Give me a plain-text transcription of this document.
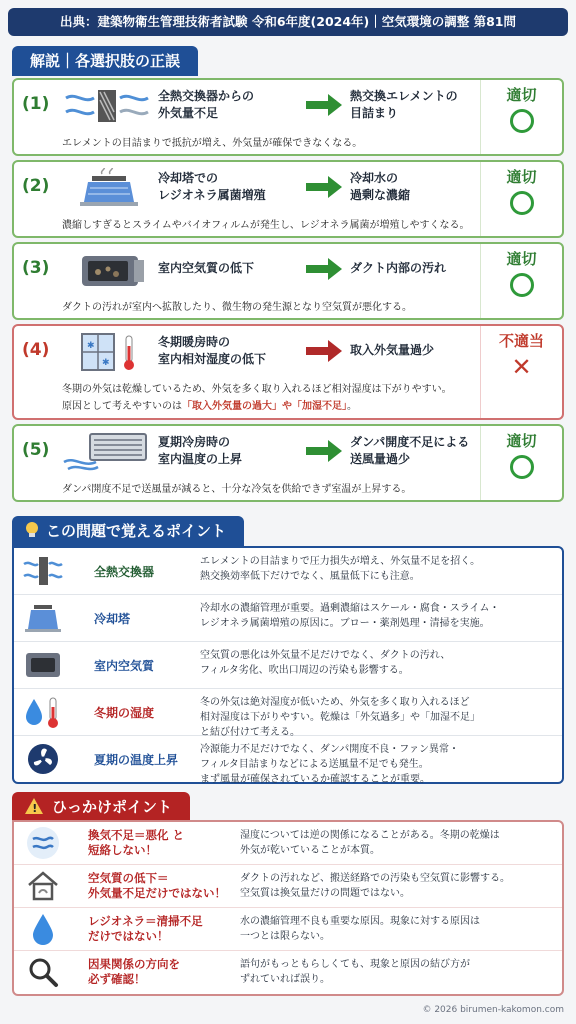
出典：建築物衛生管理技術者試験 令和6年度(2024年)｜空気環境の調整 第81問
解説｜各選択肢の正誤
(1)	全熱交換器からの
外気量不足
熱交換エレメントの
目詰まり
適切
エレメントの目詰まりで抵抗が増え、外気量が確保できなくなる。
(2)	冷却塔での
レジオネラ属菌増殖
冷却水の
過剰な濃縮
適切
濃縮しすぎるとスライムやバイオフィルムが発生し、レジオネラ属菌が増殖しやすくなる。
(3)	室内空気質の低下	ダクト内部の汚れ	適切
ダクトの汚れが室内へ拡散したり、微生物の発生源となり空気質が悪化する。
(4)	✱
✱
冬期暖房時の
室内相対湿度の低下
取入外気量過少	不適当
✕
冬期の外気は乾燥しているため、外気を多く取り入れるほど相対湿度は下がりやすい。
原因として考えやすいのは「取入外気量の過大」や「加湿不足」。
(5)	夏期冷房時の
室内温度の上昇
ダンパ開度不足による
送風量過少
適切
ダンパ開度不足で送風量が減ると、十分な冷気を供給できず室温が上昇する。
この問題で覚えるポイント
全熱交換器
エレメントの目詰まりで圧力損失が増え、外気量不足を招く。
熱交換効率低下だけでなく、風量低下にも注意。
冷却塔
冷却水の濃縮管理が重要。過剰濃縮はスケール・腐食・スライム・
レジオネラ属菌増殖の原因に。ブロー・薬剤処理・清掃を実施。
室内空気質
空気質の悪化は外気量不足だけでなく、ダクトの汚れ、
フィルタ劣化、吹出口周辺の汚染も影響する。
冬期の湿度
冬の外気は絶対湿度が低いため、外気を多く取り入れるほど
相対湿度は下がりやすい。乾燥は「外気過多」や「加湿不足」
と結び付けて考える。
夏期の温度上昇
冷源能力不足だけでなく、ダンパ開度不良・ファン異常・
フィルタ目詰まりなどによる送風量不足でも発生。
まず風量が確保されているか確認することが重要。
! ひっかけポイント
換気不足＝悪化 と
短絡しない！
湿度については逆の関係になることがある。冬期の乾燥は
外気が乾いていることが本質。
空気質の低下＝
外気量不足だけではない！
ダクトの汚れなど、搬送経路での汚染も空気質に影響する。
空気質は換気量だけの問題ではない。
レジオネラ＝清掃不足
だけではない！
水の濃縮管理不良も重要な原因。現象に対する原因は
一つとは限らない。
因果関係の方向を
必ず確認！
語句がもっともらしくても、現象と原因の結び方が
ずれていれば誤り。
© 2026 birumen-kakomon.com
